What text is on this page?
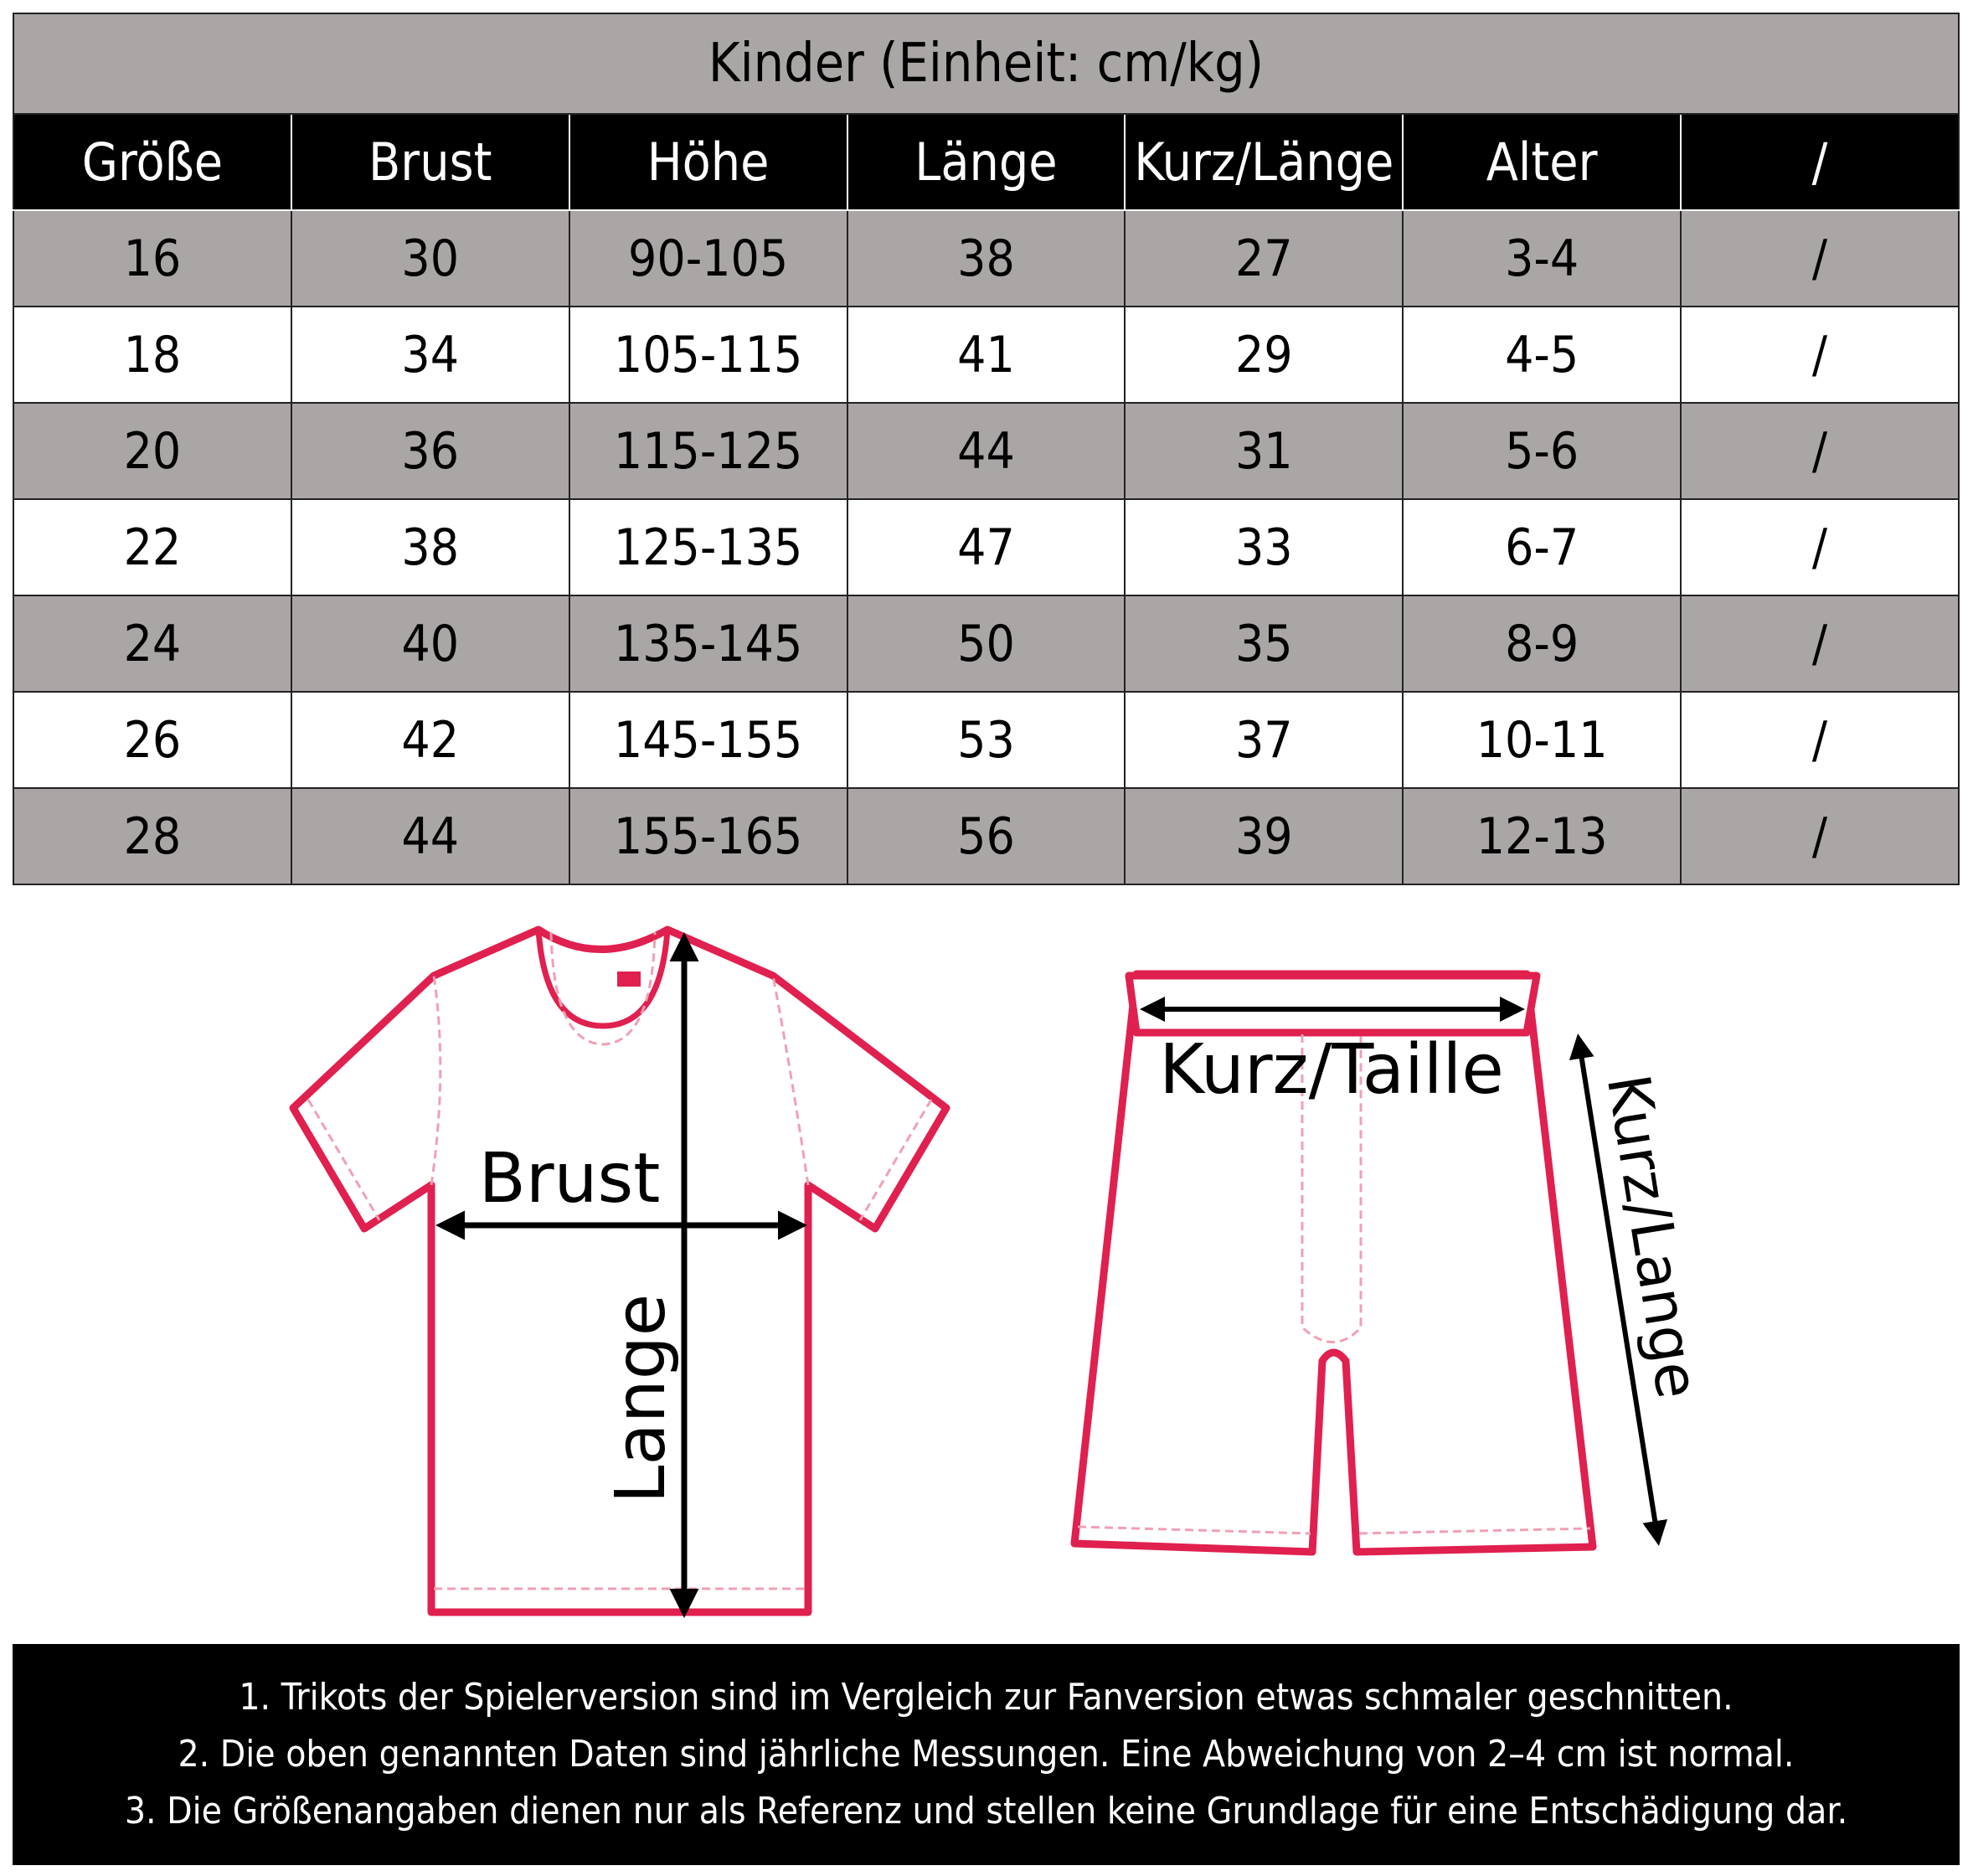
Kinder (Einheit: cm/kg)						
Größe	Brust	Höhe	Länge	Kurz/Länge	Alter	/
16	30	90-105	38	27	3-4	/
18	34	105-115	41	29	4-5	/
20	36	115-125	44	31	5-6	/
22	38	125-135	47	33	6-7	/
24	40	135-145	50	35	8-9	/
26	42	145-155	53	37	10-11	/
28	44	155-165	56	39	12-13	/
Brust
Lange
Kurz/Taille Kurz/Lange
1. Trikots der Spielerversion sind im Vergleich zur Fanversion etwas schmaler geschnitten.
2. Die oben genannten Daten sind jährliche Messungen. Eine Abweichung von 2–4 cm ist normal.
3. Die Größenangaben dienen nur als Referenz und stellen keine Grundlage für eine Entschädigung dar.
